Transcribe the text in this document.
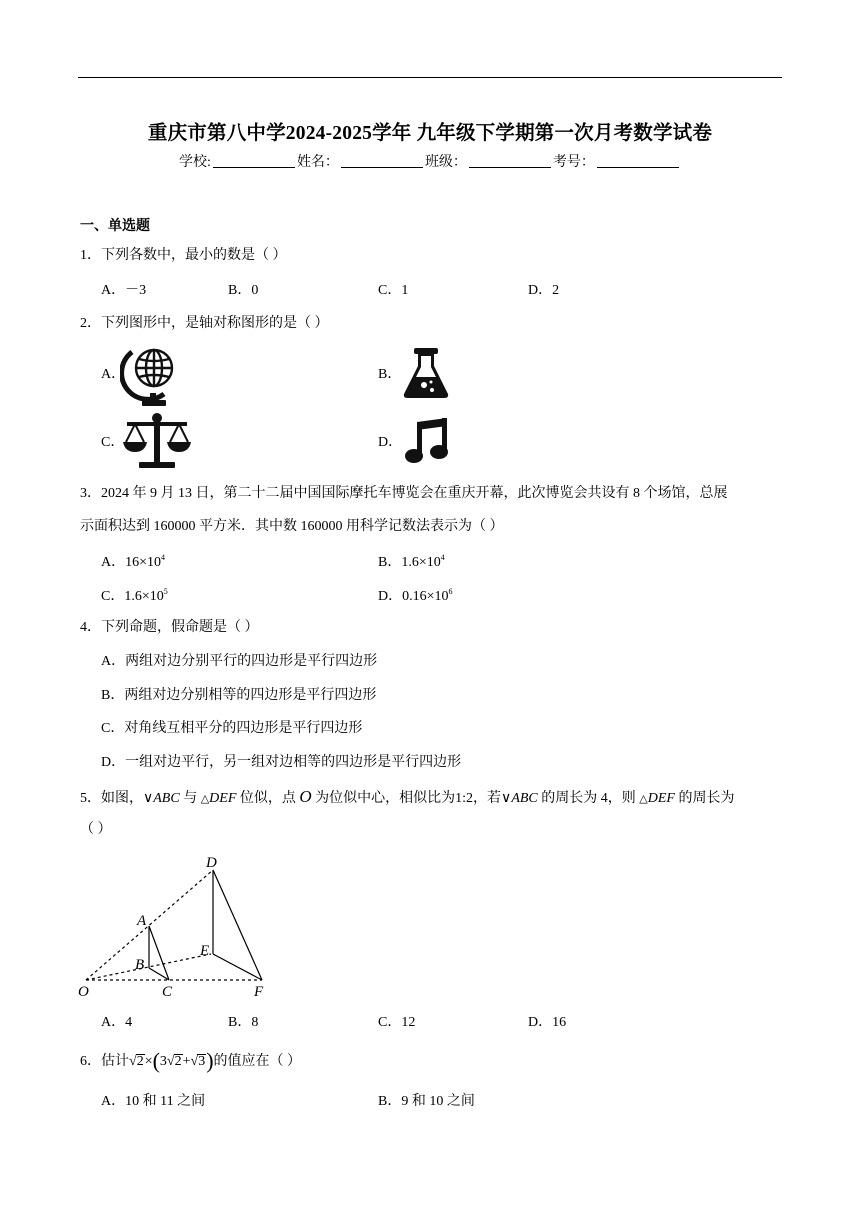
重庆市第八中学2024-2025学年 九年级下学期第一次月考数学试卷
学校:	姓名：	班级：	考号：
一、单选题
1．下列各数中，最小的数是（ ）
A．－3	B．0	C．1	D．2
2．下列图形中，是轴对称图形的是（ ）
A．	B．
C．	D．
3．2024 年 9 月 13 日，第二十二届中国国际摩托车博览会在重庆开幕，此次博览会共设有 8 个场馆，总展
示面积达到 160000 平方米．其中数 160000 用科学记数法表示为（ ）
A．$16\times 10^4$	B．$1.6\times 10^4$
C．$1.6\times 10^5$	D．$0.16\times 10^6$
4．下列命题，假命题是（ ）
A．两组对边分别平行的四边形是平行四边形
B．两组对边分别相等的四边形是平行四边形
C．对角线互相平分的四边形是平行四边形
D．一组对边平行，另一组对边相等的四边形是平行四边形
5．如图，∨ABC 与 △DEF 位似，点 O 为位似中心，相似比为1:2，若∨ABC 的周长为 4，则 △DEF 的周长为
（ ）
D
A
E
B
O	C	F
A．4	B．8	C．12	D．16
6．估计√2×(3√2+√3)的值应在（ ）
A．10 和 11 之间	B．9 和 10 之间
